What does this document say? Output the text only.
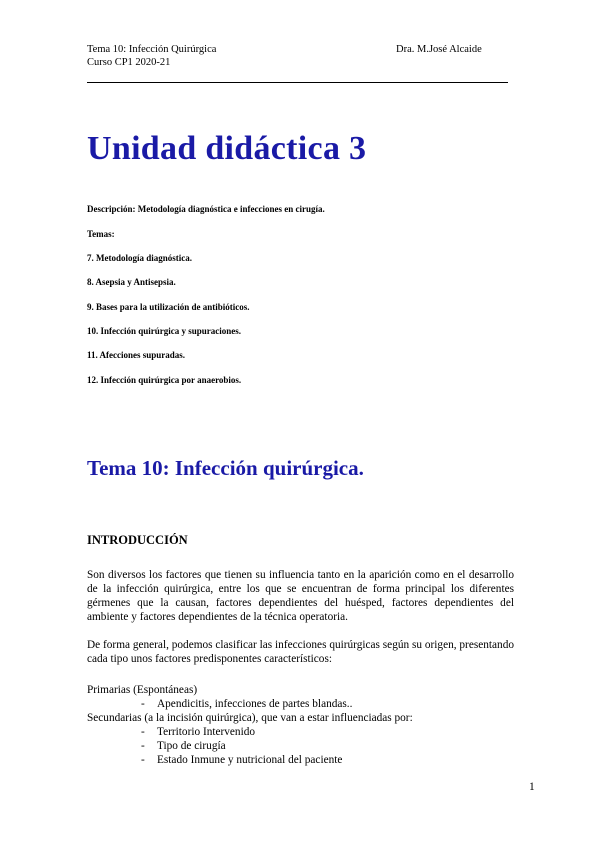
Tema 10: Infección Quirúrgica
Curso CP1 2020-21
Dra. M.José Alcaide
Unidad didáctica 3
Descripción: Metodología diagnóstica e infecciones en cirugía.
Temas:
7. Metodología diagnóstica.
8. Asepsia y Antisepsia.
9. Bases para la utilización de antibióticos.
10. Infección quirúrgica y supuraciones.
11. Afecciones supuradas.
12. Infección quirúrgica por anaerobios.
Tema 10: Infección quirúrgica.
INTRODUCCIÓN
Son diversos los factores que tienen su influencia tanto en la aparición como en el desarrollo de la infección quirúrgica, entre los que se encuentran de forma principal los diferentes gérmenes que la causan, factores dependientes del huésped, factores dependientes del ambiente y factores dependientes de la técnica operatoria.
De forma general, podemos clasificar las infecciones quirúrgicas según su origen, presentando cada tipo unos factores predisponentes característicos:
Primarias (Espontáneas)
- Apendicitis, infecciones de partes blandas..
Secundarias (a la incisión quirúrgica), que van a estar influenciadas por:
- Territorio Intervenido
- Tipo de cirugía
- Estado Inmune y nutricional del paciente
1
